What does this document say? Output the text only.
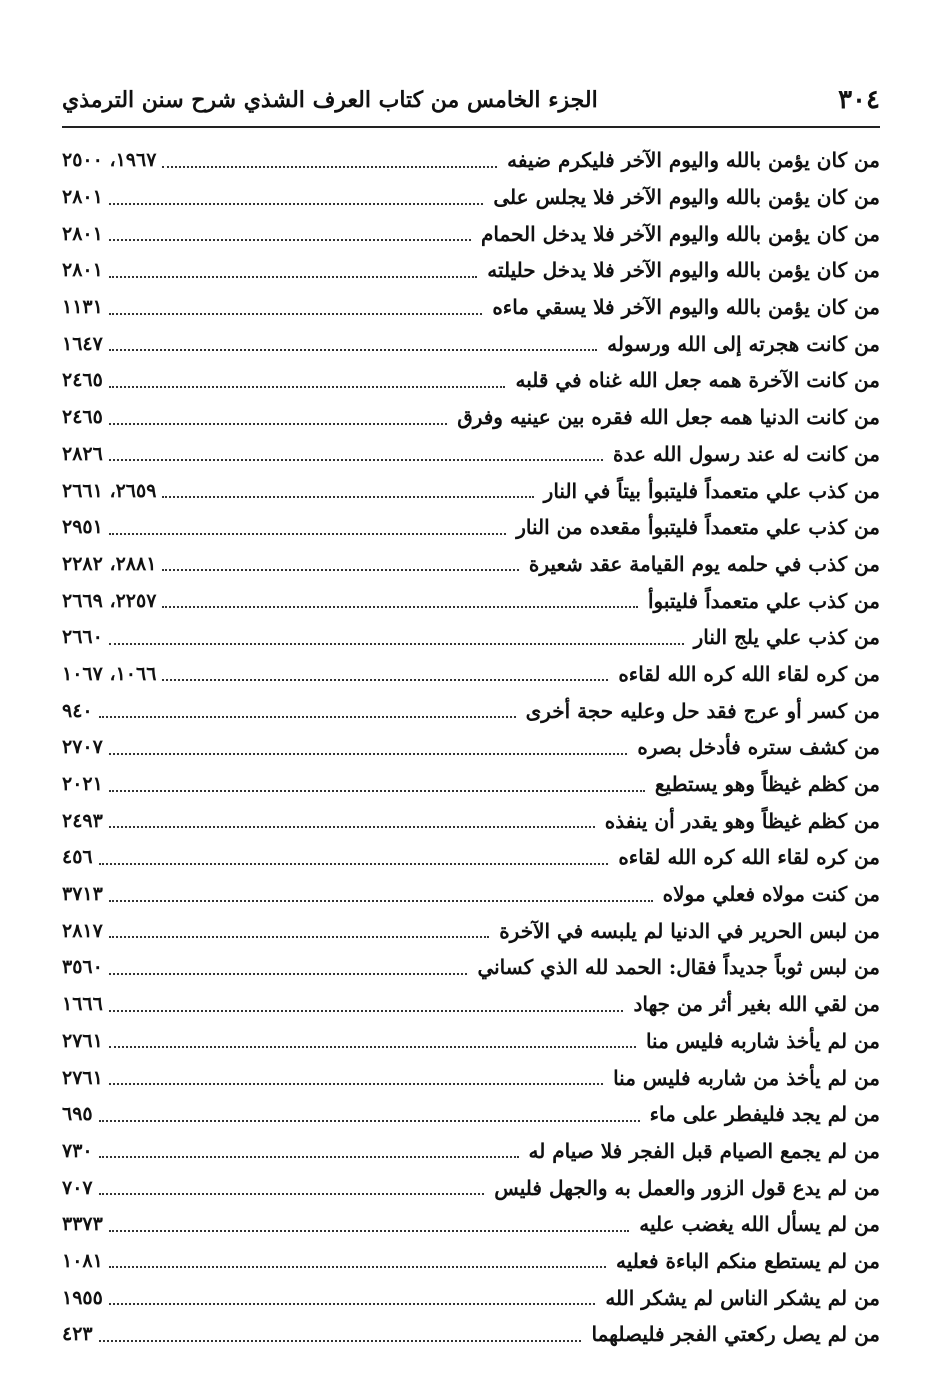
٣٠٤
الجزء الخامس من كتاب العرف الشذي شرح سنن الترمذي
من كان يؤمن بالله واليوم الآخر فليكرم ضيفه
١٩٦٧، ٢٥٠٠
من كان يؤمن بالله واليوم الآخر فلا يجلس على
٢٨٠١
من كان يؤمن بالله واليوم الآخر فلا يدخل الحمام
٢٨٠١
من كان يؤمن بالله واليوم الآخر فلا يدخل حليلته
٢٨٠١
من كان يؤمن بالله واليوم الآخر فلا يسقي ماءه
١١٣١
من كانت هجرته إلى الله ورسوله
١٦٤٧
من كانت الآخرة همه جعل الله غناه في قلبه
٢٤٦٥
من كانت الدنيا همه جعل الله فقره بين عينيه وفرق
٢٤٦٥
من كانت له عند رسول الله عدة
٢٨٢٦
من كذب علي متعمداً فليتبوأ بيتاً في النار
٢٦٥٩، ٢٦٦١
من كذب علي متعمداً فليتبوأ مقعده من النار
٢٩٥١
من كذب في حلمه يوم القيامة عقد شعيرة
٢٨٨١، ٢٢٨٢
من كذب علي متعمداً فليتبوأ
٢٢٥٧، ٢٦٦٩
من كذب علي يلج النار
٢٦٦٠
من كره لقاء الله كره الله لقاءه
١٠٦٦، ١٠٦٧
من كسر أو عرج فقد حل وعليه حجة أخرى
٩٤٠
من كشف ستره فأدخل بصره
٢٧٠٧
من كظم غيظاً وهو يستطيع
٢٠٢١
من كظم غيظاً وهو يقدر أن ينفذه
٢٤٩٣
من كره لقاء الله كره الله لقاءه
٤٥٦
من كنت مولاه فعلي مولاه
٣٧١٣
من لبس الحرير في الدنيا لم يلبسه في الآخرة
٢٨١٧
من لبس ثوباً جديداً فقال: الحمد لله الذي كساني
٣٥٦٠
من لقي الله بغير أثر من جهاد
١٦٦٦
من لم يأخذ شاربه فليس منا
٢٧٦١
من لم يأخذ من شاربه فليس منا
٢٧٦١
من لم يجد فليفطر على ماء
٦٩٥
من لم يجمع الصيام قبل الفجر فلا صيام له
٧٣٠
من لم يدع قول الزور والعمل به والجهل فليس
٧٠٧
من لم يسأل الله يغضب عليه
٣٣٧٣
من لم يستطع منكم الباءة فعليه
١٠٨١
من لم يشكر الناس لم يشكر الله
١٩٥٥
من لم يصل ركعتي الفجر فليصلهما
٤٢٣
